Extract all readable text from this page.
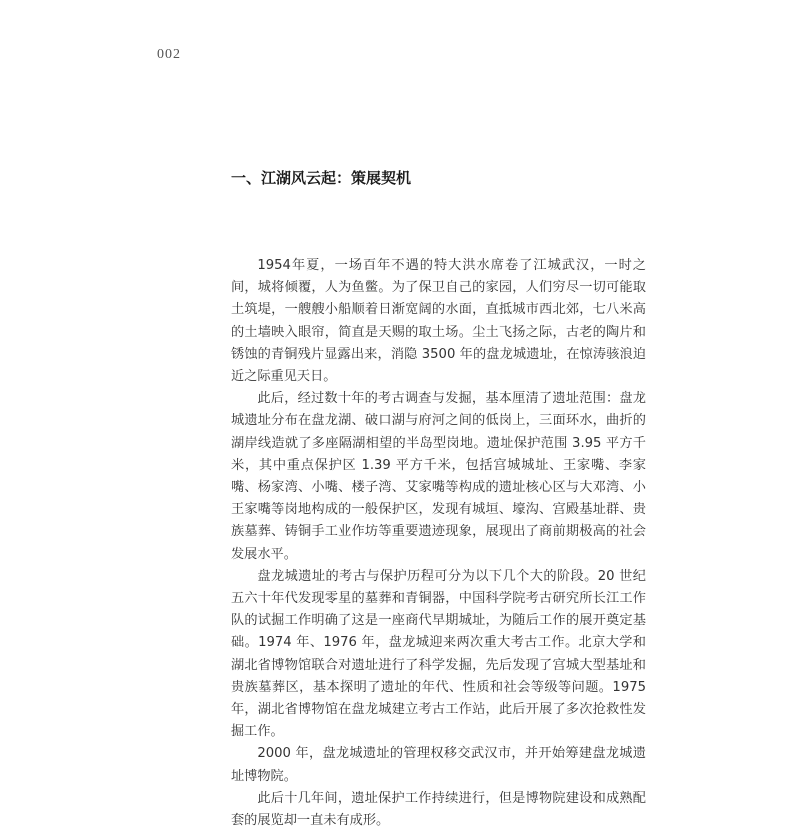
002
一、江湖风云起：策展契机

1954年夏，一场百年不遇的特大洪水席卷了江城武汉，一时之间，城将倾覆，人为鱼鳖。为了保卫自己的家园，人们穷尽一切可能取土筑堤，一艘艘小船顺着日渐宽阔的水面，直抵城市西北郊，七八米高的土墙映入眼帘，简直是天赐的取土场。尘土飞扬之际，古老的陶片和锈蚀的青铜残片显露出来，消隐 3500 年的盘龙城遗址，在惊涛骇浪迫近之际重见天日。

此后，经过数十年的考古调查与发掘，基本厘清了遗址范围：盘龙城遗址分布在盘龙湖、破口湖与府河之间的低岗上，三面环水，曲折的湖岸线造就了多座隔湖相望的半岛型岗地。遗址保护范围 3.95 平方千米，其中重点保护区 1.39 平方千米，包括宫城城址、王家嘴、李家嘴、杨家湾、小嘴、楼子湾、艾家嘴等构成的遗址核心区与大邓湾、小王家嘴等岗地构成的一般保护区，发现有城垣、壕沟、宫殿基址群、贵族墓葬、铸铜手工业作坊等重要遗迹现象，展现出了商前期极高的社会发展水平。

盘龙城遗址的考古与保护历程可分为以下几个大的阶段。20 世纪五六十年代发现零星的墓葬和青铜器，中国科学院考古研究所长江工作队的试掘工作明确了这是一座商代早期城址，为随后工作的展开奠定基础。1974 年、1976 年，盘龙城迎来两次重大考古工作。北京大学和湖北省博物馆联合对遗址进行了科学发掘，先后发现了宫城大型基址和贵族墓葬区，基本探明了遗址的年代、性质和社会等级等问题。1975 年，湖北省博物馆在盘龙城建立考古工作站，此后开展了多次抢救性发掘工作。

2000 年，盘龙城遗址的管理权移交武汉市，并开始筹建盘龙城遗址博物院。

此后十几年间，遗址保护工作持续进行，但是博物院建设和成熟配套的展览却一直未有成形。
